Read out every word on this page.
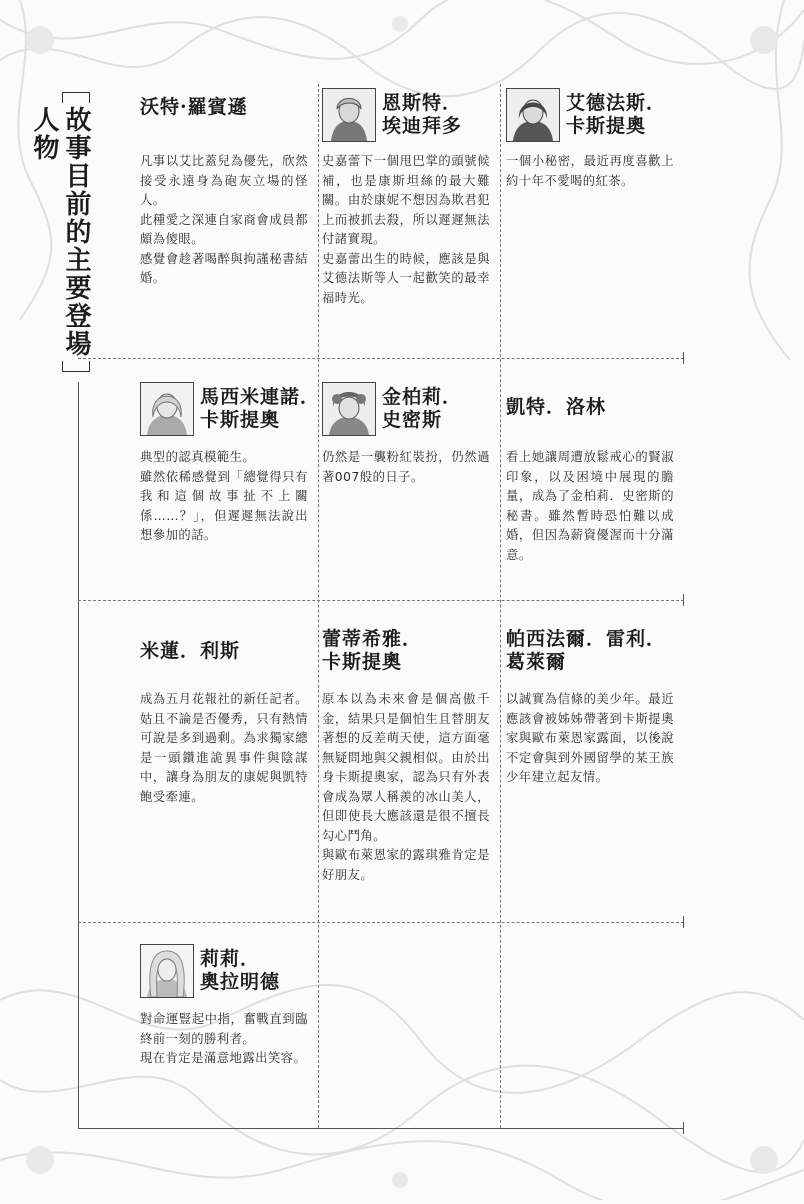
故事目前的主要登場人物	沃特·羅賓遜
凡事以艾比蓋兒為優先，欣然接受永遠身為砲灰立場的怪人。
此種愛之深連自家商會成員都頗為傻眼。
感覺會趁著喝醉與拘謹秘書結婚。
恩斯特．
埃迪拜多
史嘉蕾下一個甩巴掌的頭號候補，也是康斯坦絲的最大難關。由於康妮不想因為欺君犯上而被抓去殺，所以遲遲無法付諸實現。
史嘉蕾出生的時候，應該是與艾德法斯等人一起歡笑的最幸福時光。
艾德法斯．
卡斯提奧
一個小秘密，最近再度喜歡上約十年不愛喝的紅茶。
馬西米連諾．
卡斯提奧
典型的認真模範生。
雖然依稀感覺到「總覺得只有我和這個故事扯不上關係……？」，但遲遲無法說出想參加的話。
金柏莉．
史密斯
仍然是一襲粉紅裝扮，仍然過著007般的日子。
凱特．洛林
看上她讓周遭放鬆戒心的賢淑印象，以及困境中展現的膽量，成為了金柏莉．史密斯的秘書。雖然暫時恐怕難以成婚，但因為薪資優渥而十分滿意。
米蓮．利斯
成為五月花報社的新任記者。姑且不論是否優秀，只有熱情可說是多到過剩。為求獨家總是一頭鑽進詭異事件與陰謀中，讓身為朋友的康妮與凱特飽受牽連。
蕾蒂希雅．
卡斯提奧
原本以為未來會是個高傲千金，結果只是個怕生且替朋友著想的反差萌天使，這方面毫無疑問地與父親相似。由於出身卡斯提奧家，認為只有外表會成為眾人稱羨的冰山美人，但即使長大應該還是很不擅長勾心鬥角。
與歐布萊恩家的露琪雅肯定是好朋友。
帕西法爾．雷利．
葛萊爾
以誠實為信條的美少年。最近應該會被姊姊帶著到卡斯提奧家與歐布萊恩家露面，以後說不定會與到外國留學的某王族少年建立起友情。
莉莉．
奧拉明德
對命運豎起中指，奮戰直到臨終前一刻的勝利者。
現在肯定是滿意地露出笑容。
